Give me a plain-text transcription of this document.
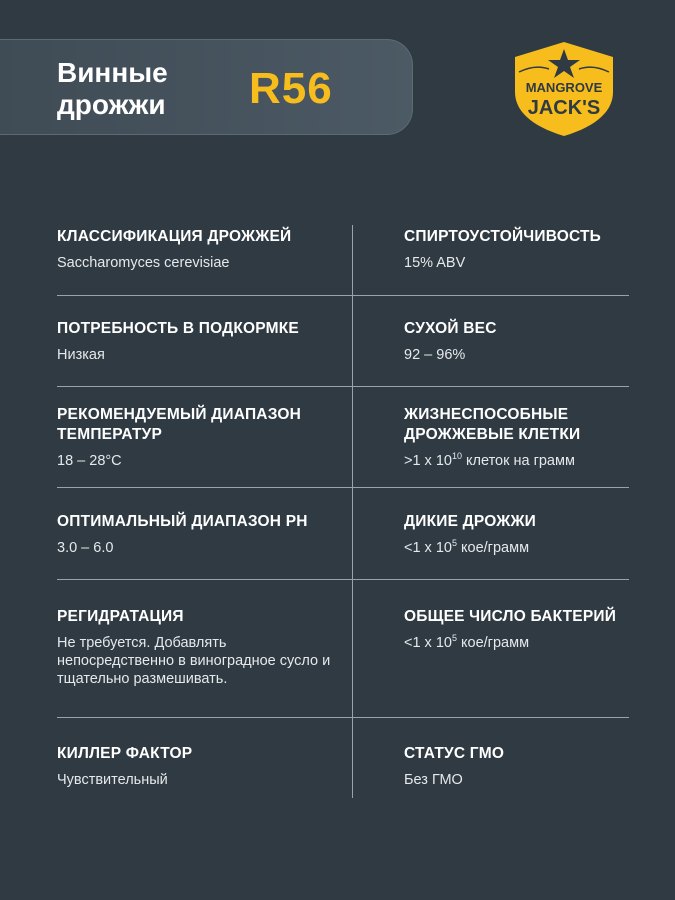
Винные дрожжи	R56	MANGROVE
JACK'S
КЛАССИФИКАЦИЯ ДРОЖЖЕЙ
Saccharomyces cerevisiae
СПИРТОУСТОЙЧИВОСТЬ
15% ABV
ПОТРЕБНОСТЬ В ПОДКОРМКЕ
Низкая
СУХОЙ ВЕС
92 – 96%
РЕКОМЕНДУЕМЫЙ ДИАПАЗОН ТЕМПЕРАТУР
18 – 28°C
ЖИЗНЕСПОСОБНЫЕ ДРОЖЖЕВЫЕ КЛЕТКИ
>1 x $10^{10}$ клеток на грамм
ОПТИМАЛЬНЫЙ ДИАПАЗОН PH
3.0 – 6.0
ДИКИЕ ДРОЖЖИ
<1 x $10^5$ кое/грамм
РЕГИДРАТАЦИЯ
Не требуется. Добавлять непосредственно в виноградное сусло и тщательно размешивать.
ОБЩЕЕ ЧИСЛО БАКТЕРИЙ
<1 x $10^5$ кое/грамм
КИЛЛЕР ФАКТОР
Чувствительный
СТАТУС ГМО
Без ГМО
